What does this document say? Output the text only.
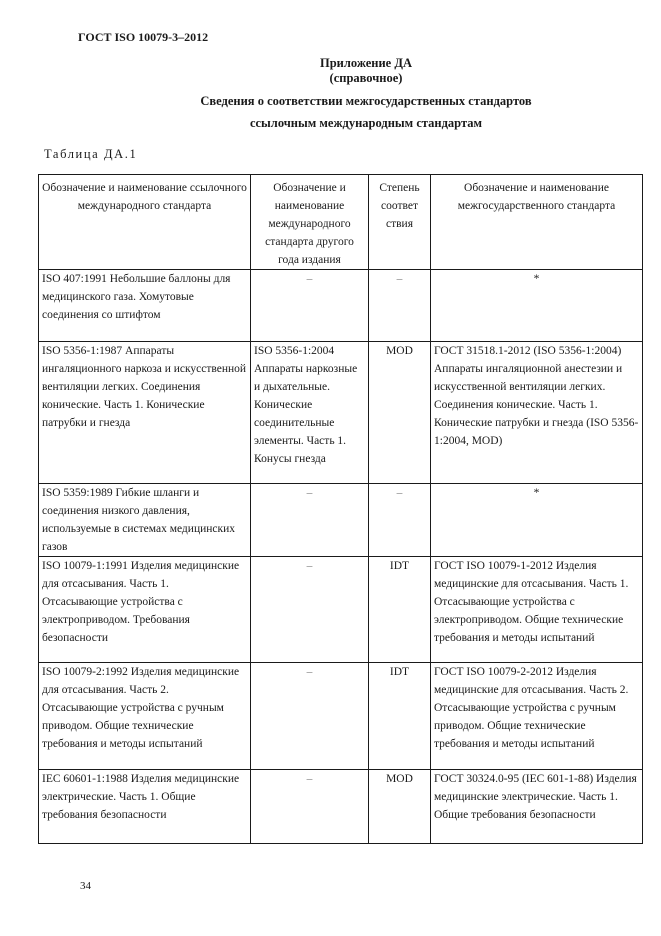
ГОСТ ISO 10079-3–2012
Приложение ДА
(справочное)
Сведения о соответствии межгосударственных стандартов
ссылочным международным стандартам
Таблица ДА.1
Обозначение и наименование ссылочного международного стандарта	Обозначение и наименование международного стандарта другого года издания	Степень соответ ствия	Обозначение и наименование межгосударственного стандарта
ISO 407:1991 Небольшие баллоны для медицинского газа. Хомутовые соединения со штифтом	–	–	*
ISO 5356-1:1987 Аппараты ингаляционного наркоза и искусственной вентиляции легких. Соединения конические. Часть 1. Конические патрубки и гнезда	ISO 5356-1:2004 Аппараты наркозные и дыхательные. Конические соединительные элементы. Часть 1. Конусы гнезда	MOD	ГОСТ 31518.1-2012 (ISO 5356-1:2004) Аппараты ингаляционной анестезии и искусственной вентиляции легких. Соединения конические. Часть 1. Конические патрубки и гнезда (ISO 5356-1:2004, MOD)
ISO 5359:1989 Гибкие шланги и соединения низкого давления, используемые в системах медицинских газов	–	–	*
ISO 10079-1:1991 Изделия медицинские для отсасывания. Часть 1. Отсасывающие устройства с электроприводом. Требования безопасности	–	IDT	ГОСТ ISO 10079-1-2012 Изделия медицинские для отсасывания. Часть 1. Отсасывающие устройства с электроприводом. Общие технические требования и методы испытаний
ISO 10079-2:1992 Изделия медицинские для отсасывания. Часть 2. Отсасывающие устройства с ручным приводом. Общие технические требования и методы испытаний	–	IDT	ГОСТ ISO 10079-2-2012 Изделия медицинские для отсасывания. Часть 2. Отсасывающие устройства с ручным приводом. Общие технические требования и методы испытаний
IEC 60601-1:1988 Изделия медицинские электрические. Часть 1. Общие требования безопасности	–	MOD	ГОСТ 30324.0-95 (IEC 601-1-88) Изделия медицинские электрические. Часть 1. Общие требования безопасности
34
